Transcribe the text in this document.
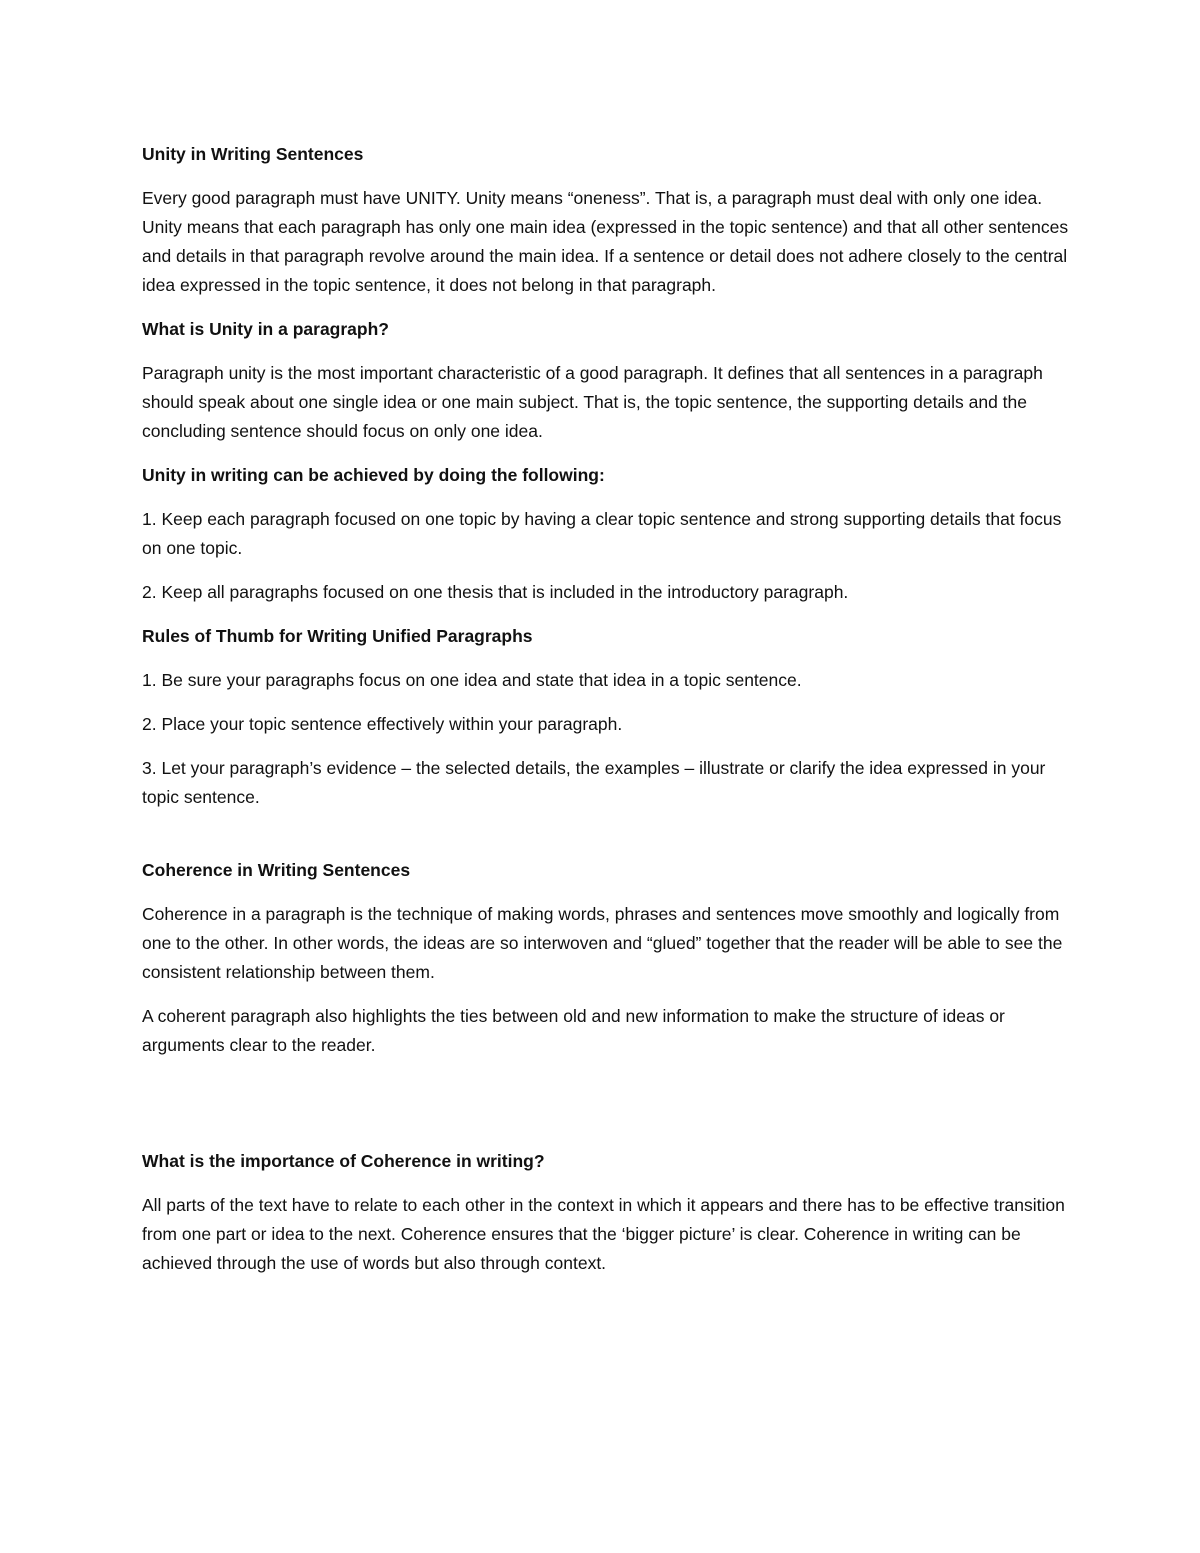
Unity in Writing Sentences

Every good paragraph must have UNITY. Unity means “oneness”. That is, a paragraph must deal with only one idea. Unity means that each paragraph has only one main idea (expressed in the topic sentence) and that all other sentences and details in that paragraph revolve around the main idea. If a sentence or detail does not adhere closely to the central idea expressed in the topic sentence, it does not belong in that paragraph.

What is Unity in a paragraph?

Paragraph unity is the most important characteristic of a good paragraph. It defines that all sentences in a paragraph should speak about one single idea or one main subject. That is, the topic sentence, the supporting details and the concluding sentence should focus on only one idea.

Unity in writing can be achieved by doing the following:

1. Keep each paragraph focused on one topic by having a clear topic sentence and strong supporting details that focus on one topic.

2. Keep all paragraphs focused on one thesis that is included in the introductory paragraph.

Rules of Thumb for Writing Unified Paragraphs

1. Be sure your paragraphs focus on one idea and state that idea in a topic sentence.

2. Place your topic sentence effectively within your paragraph.

3. Let your paragraph’s evidence – the selected details, the examples – illustrate or clarify the idea expressed in your topic sentence.

Coherence in Writing Sentences

Coherence in a paragraph is the technique of making words, phrases and sentences move smoothly and logically from one to the other. In other words, the ideas are so interwoven and “glued” together that the reader will be able to see the consistent relationship between them.

A coherent paragraph also highlights the ties between old and new information to make the structure of ideas or arguments clear to the reader.

What is the importance of Coherence in writing?

All parts of the text have to relate to each other in the context in which it appears and there has to be effective transition from one part or idea to the next. Coherence ensures that the ‘bigger picture’ is clear. Coherence in writing can be achieved through the use of words but also through context.
